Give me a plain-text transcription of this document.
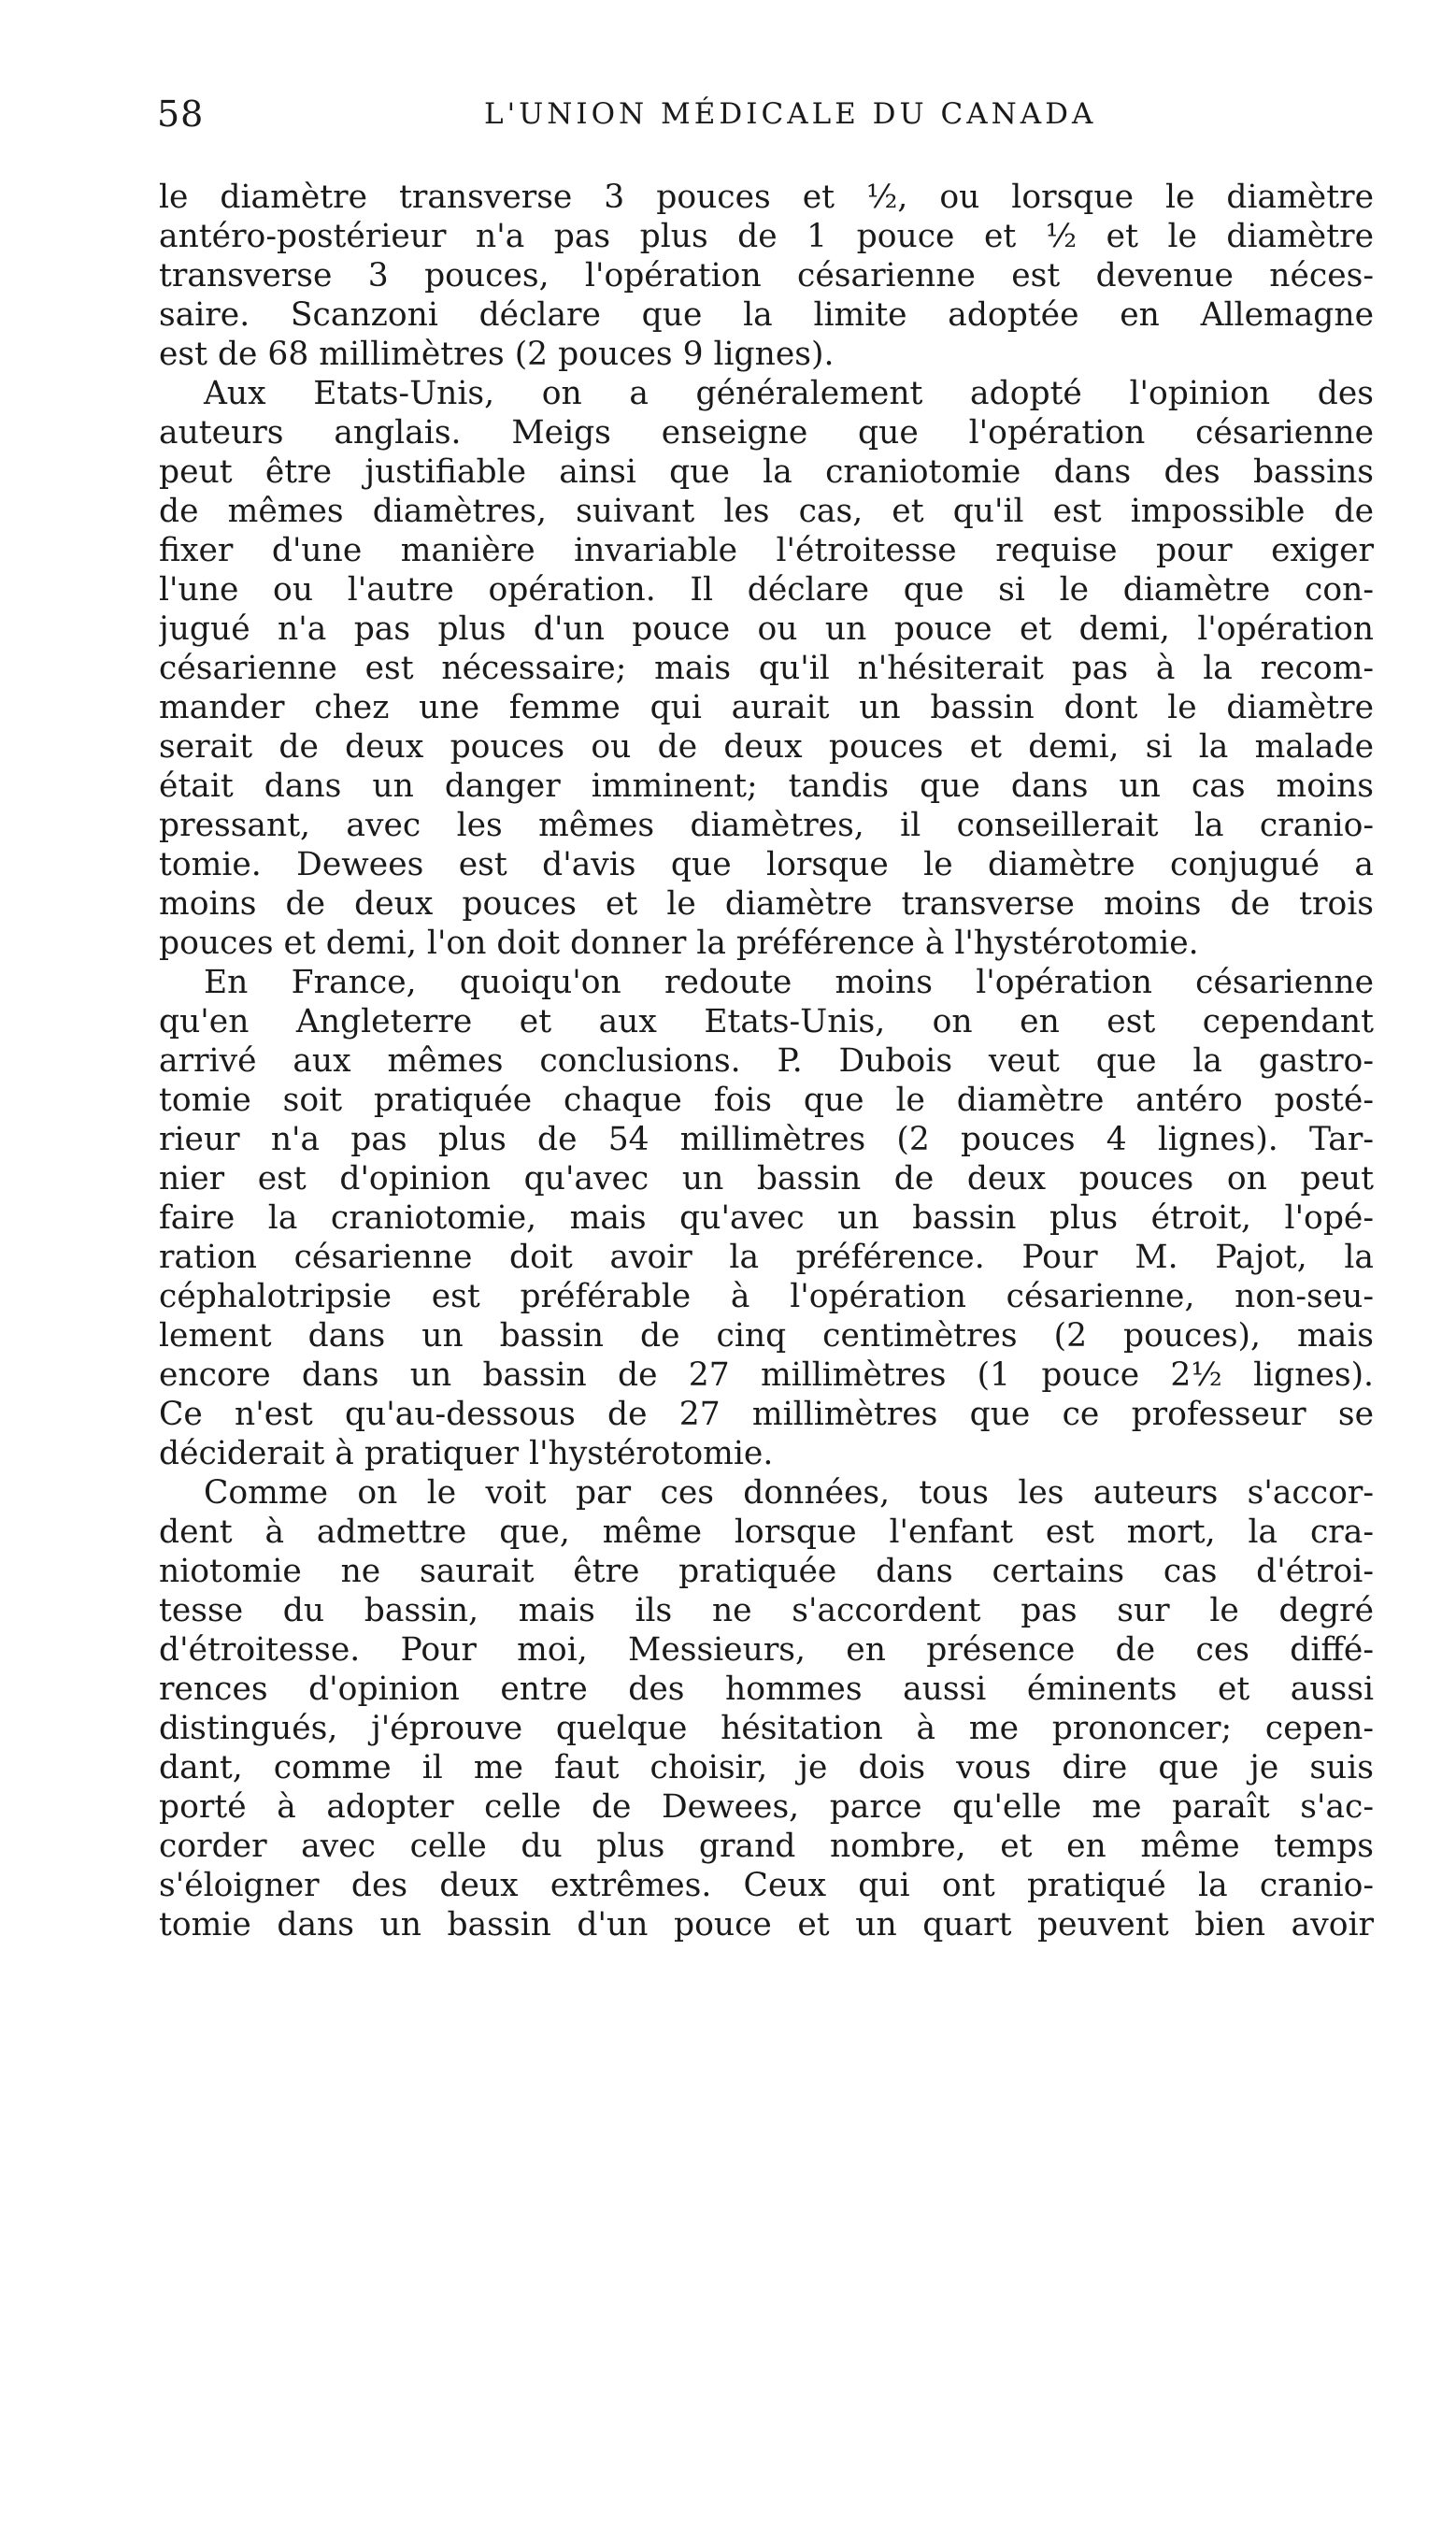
58	L'UNION MÉDICALE DU CANADA
le diamètre transverse 3 pouces et ½, ou lorsque le diamètre
antéro-postérieur n'a pas plus de 1 pouce et ½ et le diamètre
transverse 3 pouces, l'opération césarienne est devenue néces-
saire. Scanzoni déclare que la limite adoptée en Allemagne
est de 68 millimètres (2 pouces 9 lignes).
Aux Etats-Unis, on a généralement adopté l'opinion des
auteurs anglais. Meigs enseigne que l'opération césarienne
peut être justifiable ainsi que la craniotomie dans des bassins
de mêmes diamètres, suivant les cas, et qu'il est impossible de
fixer d'une manière invariable l'étroitesse requise pour exiger
l'une ou l'autre opération. Il déclare que si le diamètre con-
jugué n'a pas plus d'un pouce ou un pouce et demi, l'opération
césarienne est nécessaire; mais qu'il n'hésiterait pas à la recom-
mander chez une femme qui aurait un bassin dont le diamètre
serait de deux pouces ou de deux pouces et demi, si la malade
était dans un danger imminent; tandis que dans un cas moins
pressant, avec les mêmes diamètres, il conseillerait la cranio-
tomie. Dewees est d'avis que lorsque le diamètre conjugué a
moins de deux pouces et le diamètre transverse moins de trois
pouces et demi, l'on doit donner la préférence à l'hystérotomie.
En France, quoiqu'on redoute moins l'opération césarienne
qu'en Angleterre et aux Etats-Unis, on en est cependant
arrivé aux mêmes conclusions. P. Dubois veut que la gastro-
tomie soit pratiquée chaque fois que le diamètre antéro posté-
rieur n'a pas plus de 54 millimètres (2 pouces 4 lignes). Tar-
nier est d'opinion qu'avec un bassin de deux pouces on peut
faire la craniotomie, mais qu'avec un bassin plus étroit, l'opé-
ration césarienne doit avoir la préférence. Pour M. Pajot, la
céphalotripsie est préférable à l'opération césarienne, non-seu-
lement dans un bassin de cinq centimètres (2 pouces), mais
encore dans un bassin de 27 millimètres (1 pouce 2½ lignes).
Ce n'est qu'au-dessous de 27 millimètres que ce professeur se
déciderait à pratiquer l'hystérotomie.
Comme on le voit par ces données, tous les auteurs s'accor-
dent à admettre que, même lorsque l'enfant est mort, la cra-
niotomie ne saurait être pratiquée dans certains cas d'étroi-
tesse du bassin, mais ils ne s'accordent pas sur le degré
d'étroitesse. Pour moi, Messieurs, en présence de ces diffé-
rences d'opinion entre des hommes aussi éminents et aussi
distingués, j'éprouve quelque hésitation à me prononcer; cepen-
dant, comme il me faut choisir, je dois vous dire que je suis
porté à adopter celle de Dewees, parce qu'elle me paraît s'ac-
corder avec celle du plus grand nombre, et en même temps
s'éloigner des deux extrêmes. Ceux qui ont pratiqué la cranio-
tomie dans un bassin d'un pouce et un quart peuvent bien avoir
